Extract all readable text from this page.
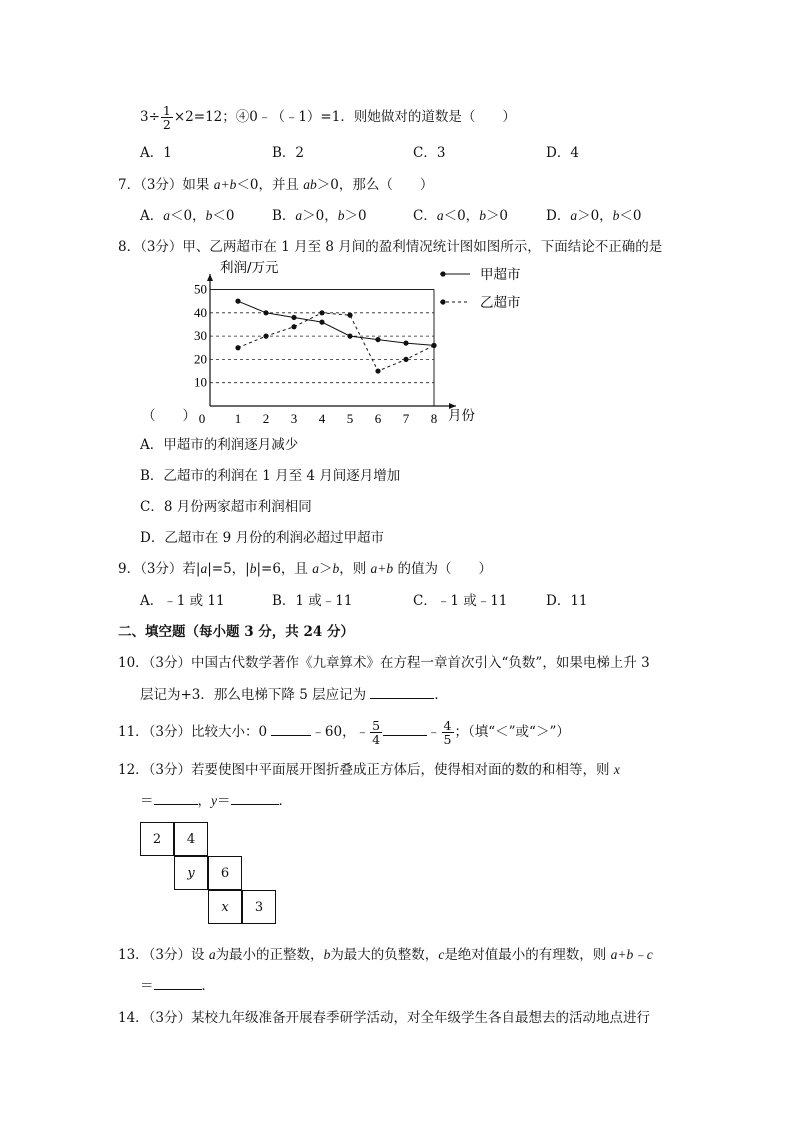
$3\div \frac{1}{2} \times 2=12$；④0﹣（﹣1）=1．则她做对的道数是（　　）
A．1	B．2	C．3	D．4
7．（3分）如果 a+b＜0，并且 ab＞0，那么（　　）
A．a＜0，b＜0	B．a＞0，b＞0	C．a＜0，b＞0	D．a＞0，b＜0
8．（3分）甲、乙两超市在 1 月至 8 月间的盈利情况统计图如图所示，下面结论不正确的是
10
20
30
40
50
0 1 2 3 4 5 6 7 8
利润/万元
月份
甲超市
乙超市
（　　）
A．甲超市的利润逐月减少
B．乙超市的利润在 1 月至 4 月间逐月增加
C．8 月份两家超市利润相同
D．乙超市在 9 月份的利润必超过甲超市
9．（3分）若|a|=5，|b|=6，且 a＞b，则 a+b 的值为（　　）
A．﹣1 或 11	B．1 或﹣11	C．﹣1 或﹣11	D．11
二、填空题（每小题 3 分，共 24 分）
10．（3分）中国古代数学著作《九章算术》在方程一章首次引入“负数”，如果电梯上升 3
层记为+3．那么电梯下降 5 层应记为	．
11．（3分）比较大小：0	﹣60，﹣ $\frac{5}{4}$	﹣ $\frac{4}{5}$ ；（填“＜”或“＞”）
12．（3分）若要使图中平面展开图折叠成正方体后，使得相对面的数的和相等，则 x
＝	，y＝	．
2	4
y	6
x	3
13．（3分）设 a为最小的正整数，b为最大的负整数，c是绝对值最小的有理数，则 a+b﹣c
＝	．
14．（3分）某校九年级准备开展春季研学活动，对全年级学生各自最想去的活动地点进行
